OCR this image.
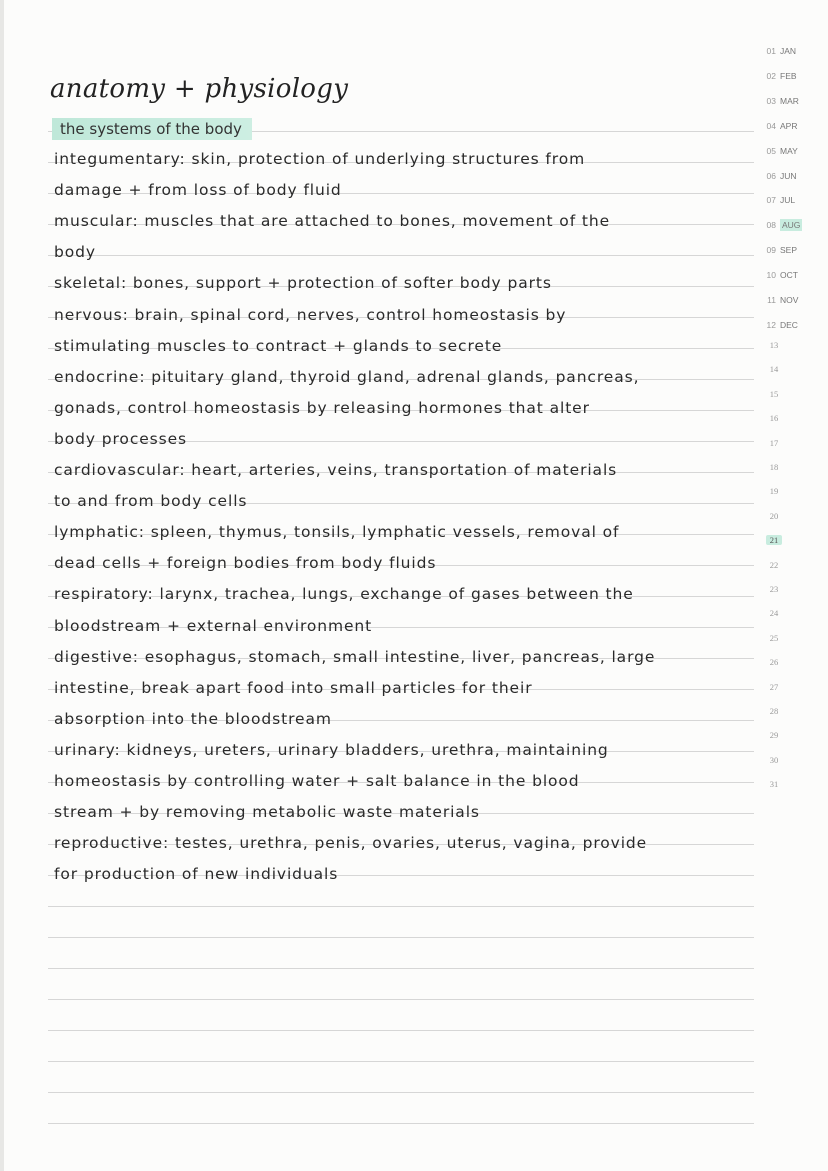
anatomy + physiology
the systems of the body
integumentary: skin, protection of underlying structures from
damage + from loss of body fluid
muscular: muscles that are attached to bones, movement of the
body
skeletal: bones, support + protection of softer body parts
nervous: brain, spinal cord, nerves, control homeostasis by
stimulating muscles to contract + glands to secrete
endocrine: pituitary gland, thyroid gland, adrenal glands, pancreas,
gonads, control homeostasis by releasing hormones that alter
body processes
cardiovascular: heart, arteries, veins, transportation of materials
to and from body cells
lymphatic: spleen, thymus, tonsils, lymphatic vessels, removal of
dead cells + foreign bodies from body fluids
respiratory: larynx, trachea, lungs, exchange of gases between the
bloodstream + external environment
digestive: esophagus, stomach, small intestine, liver, pancreas, large
intestine, break apart food into small particles for their
absorption into the bloodstream
urinary: kidneys, ureters, urinary bladders, urethra, maintaining
homeostasis by controlling water + salt balance in the blood
stream + by removing metabolic waste materials
reproductive: testes, urethra, penis, ovaries, uterus, vagina, provide
for production of new individuals
01 JAN
02 FEB
03 MAR
04 APR
05 MAY
06 JUN
07 JUL
08 AUG
09 SEP
10 OCT
11 NOV
12 DEC
13
14
15
16
17
18
19
20
21
22
23
24
25
26
27
28
29
30
31
